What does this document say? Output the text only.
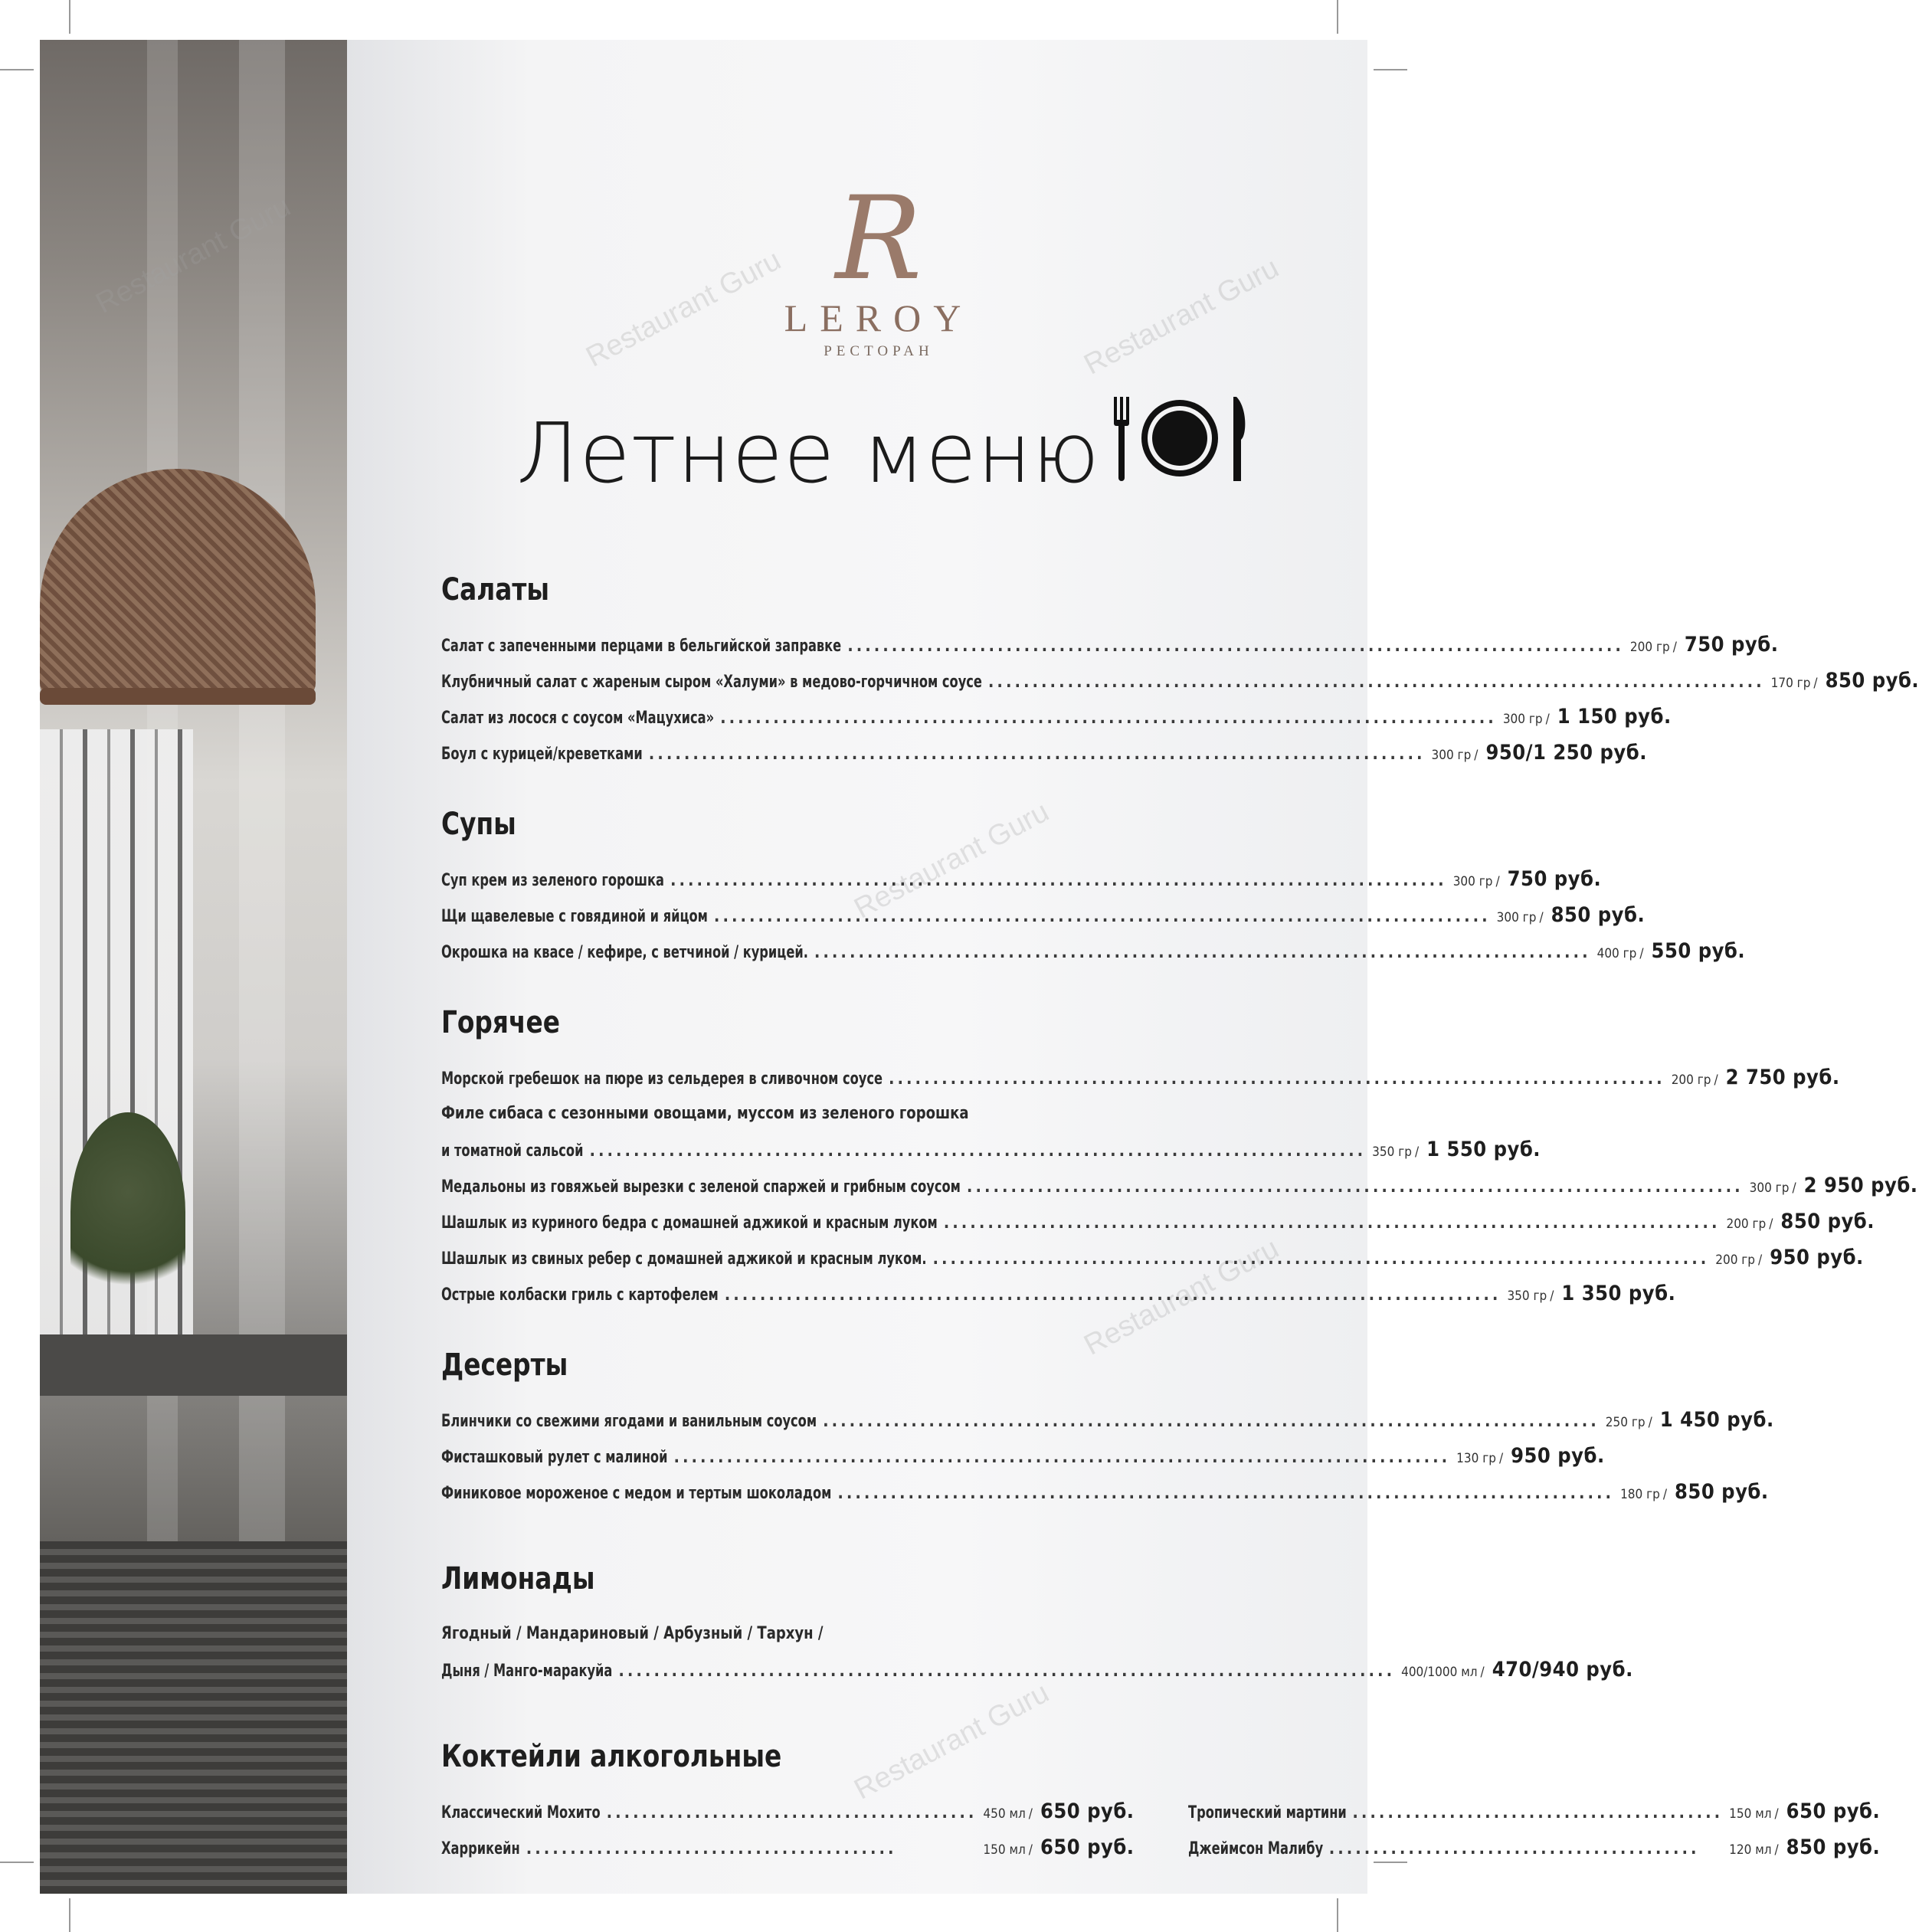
Restaurant Guru	Restaurant Guru	Restaurant Guru
Restaurant Guru
Restaurant Guru
Restaurant Guru
R
LEROY
РЕСТОРАН
Летнее меню
Салаты
Салат с запеченными перцами в бельгийской заправке ........................................................................................ 200 гр / 750 руб.
Клубничный салат с жареным сыром «Халуми» в медово-горчичном соусе ........................................................................................ 170 гр / 850 руб.
Салат из лосося с соусом «Мацухиса» ........................................................................................ 300 гр / 1 150 руб.
Боул с курицей/креветками ........................................................................................ 300 гр / 950/1 250 руб.
Супы
Суп крем из зеленого горошка ........................................................................................ 300 гр / 750 руб.
Щи щавелевые с говядиной и яйцом ........................................................................................ 300 гр / 850 руб.
Окрошка на квасе / кефире, с ветчиной / курицей. ........................................................................................ 400 гр / 550 руб.
Горячее
Морской гребешок на пюре из сельдерея в сливочном соусе ........................................................................................ 200 гр / 2 750 руб.
Филе сибаса с сезонными овощами, муссом из зеленого горошка
и томатной сальсой ........................................................................................ 350 гр / 1 550 руб.
Медальоны из говяжьей вырезки с зеленой спаржей и грибным соусом ........................................................................................ 300 гр / 2 950 руб.
Шашлык из куриного бедра с домашней аджикой и красным луком ........................................................................................ 200 гр / 850 руб.
Шашлык из свиных ребер с домашней аджикой и красным луком. ........................................................................................ 200 гр / 950 руб.
Острые колбаски гриль с картофелем ........................................................................................ 350 гр / 1 350 руб.
Десерты
Блинчики со свежими ягодами и ванильным соусом ........................................................................................ 250 гр / 1 450 руб.
Фисташковый рулет с малиной ........................................................................................ 130 гр / 950 руб.
Финиковое мороженое с медом и тертым шоколадом ........................................................................................ 180 гр / 850 руб.
Лимонады
Ягодный / Мандариновый / Арбузный / Тархун /
Дыня / Манго-маракуйа ........................................................................................ 400/1000 мл / 470/940 руб.
Коктейли алкогольные
Классический Мохито .......................................... 450 мл / 650 руб.
Харрикейн ..........................................	150 мл / 650 руб.
Тропический мартини .......................................... 150 мл / 650 руб.
Джеймсон Малибу ..........................................	120 мл / 850 руб.
